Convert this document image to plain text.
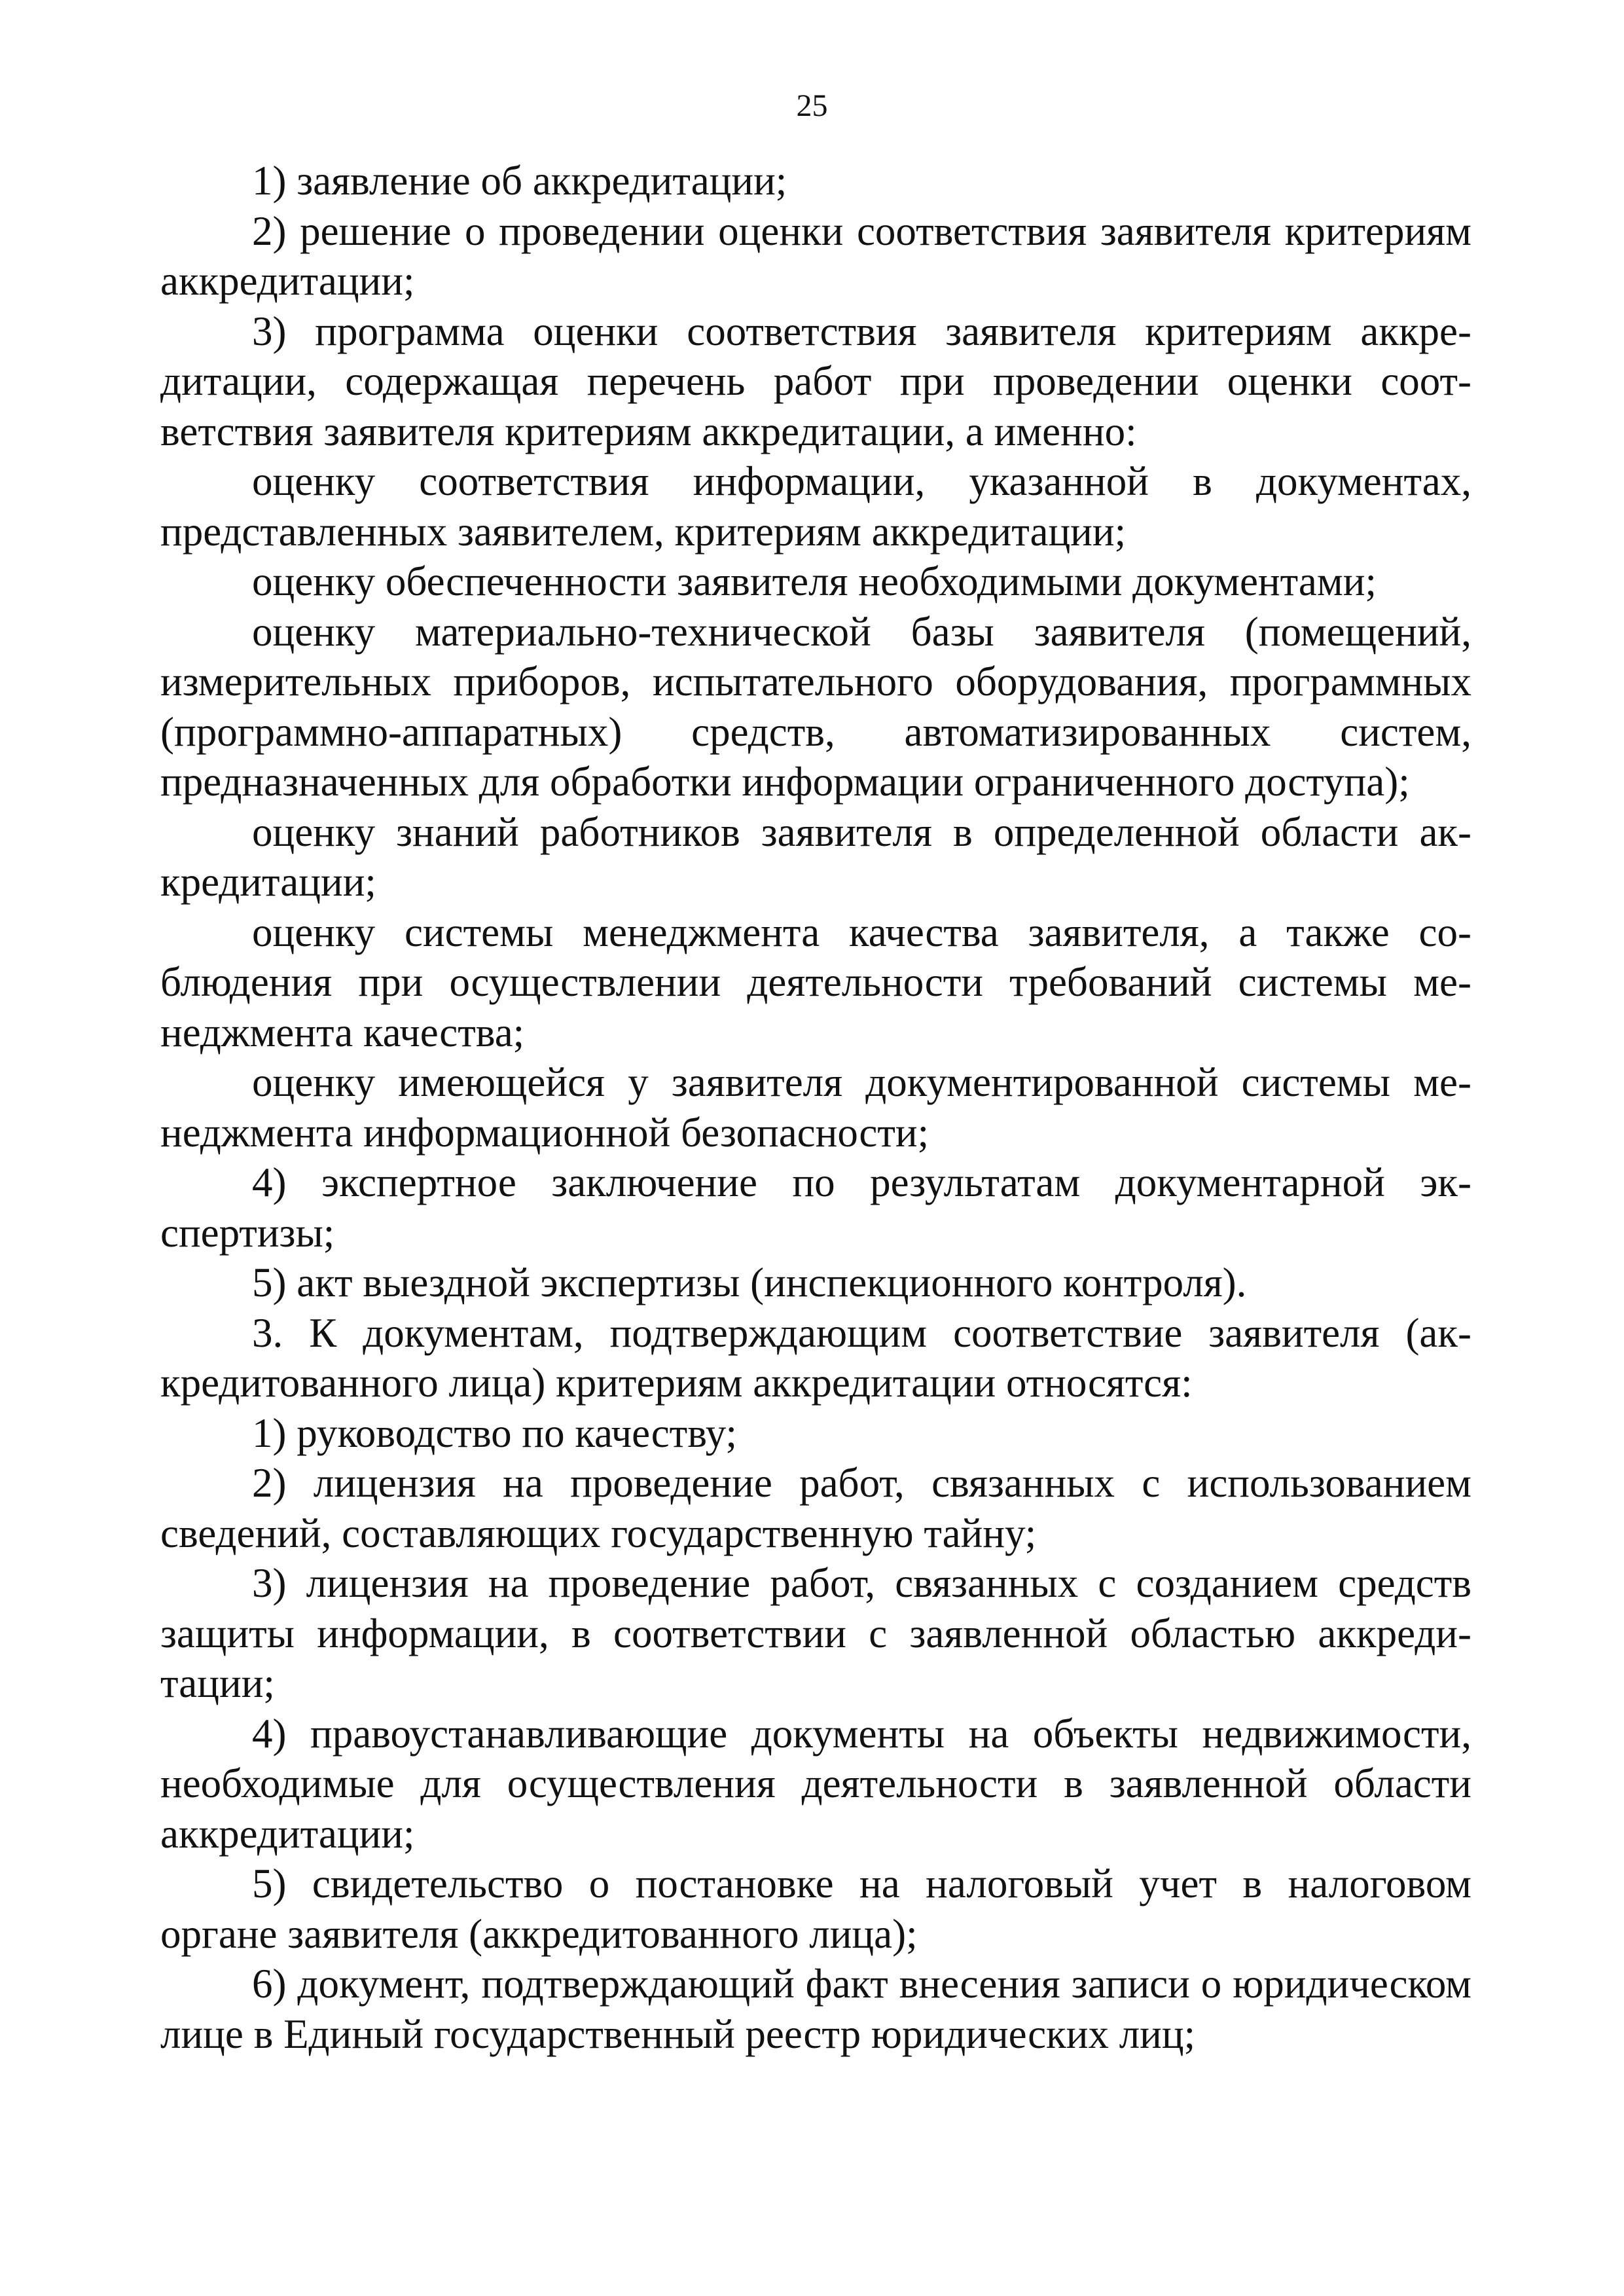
25

1) заявление об аккредитации;

2) решение о проведении оценки соответствия заявителя критериям аккредитации;

3) программа оценки соответствия заявителя критериям аккредитации, содержащая перечень работ при проведении оценки соответствия заявителя критериям аккредитации, а именно:

оценку соответствия информации, указанной в документах, представленных заявителем, критериям аккредитации;

оценку обеспеченности заявителя необходимыми документами;

оценку материально-технической базы заявителя (помещений, измерительных приборов, испытательного оборудования, программных (программно-аппаратных) средств, автоматизированных систем, предназначенных для обработки информации ограниченного доступа);

оценку знаний работников заявителя в определенной области аккредитации;

оценку системы менеджмента качества заявителя, а также соблюдения при осуществлении деятельности требований системы менеджмента качества;

оценку имеющейся у заявителя документированной системы менеджмента информационной безопасности;

4) экспертное заключение по результатам документарной экспертизы;

5) акт выездной экспертизы (инспекционного контроля).

3. К документам, подтверждающим соответствие заявителя (аккредитованного лица) критериям аккредитации относятся:

1) руководство по качеству;

2) лицензия на проведение работ, связанных с использованием сведений, составляющих государственную тайну;

3) лицензия на проведение работ, связанных с созданием средств защиты информации, в соответствии с заявленной областью аккредитации;

4) правоустанавливающие документы на объекты недвижимости, необходимые для осуществления деятельности в заявленной области аккредитации;

5) свидетельство о постановке на налоговый учет в налоговом органе заявителя (аккредитованного лица);

6) документ, подтверждающий факт внесения записи о юридическом лице в Единый государственный реестр юридических лиц;
